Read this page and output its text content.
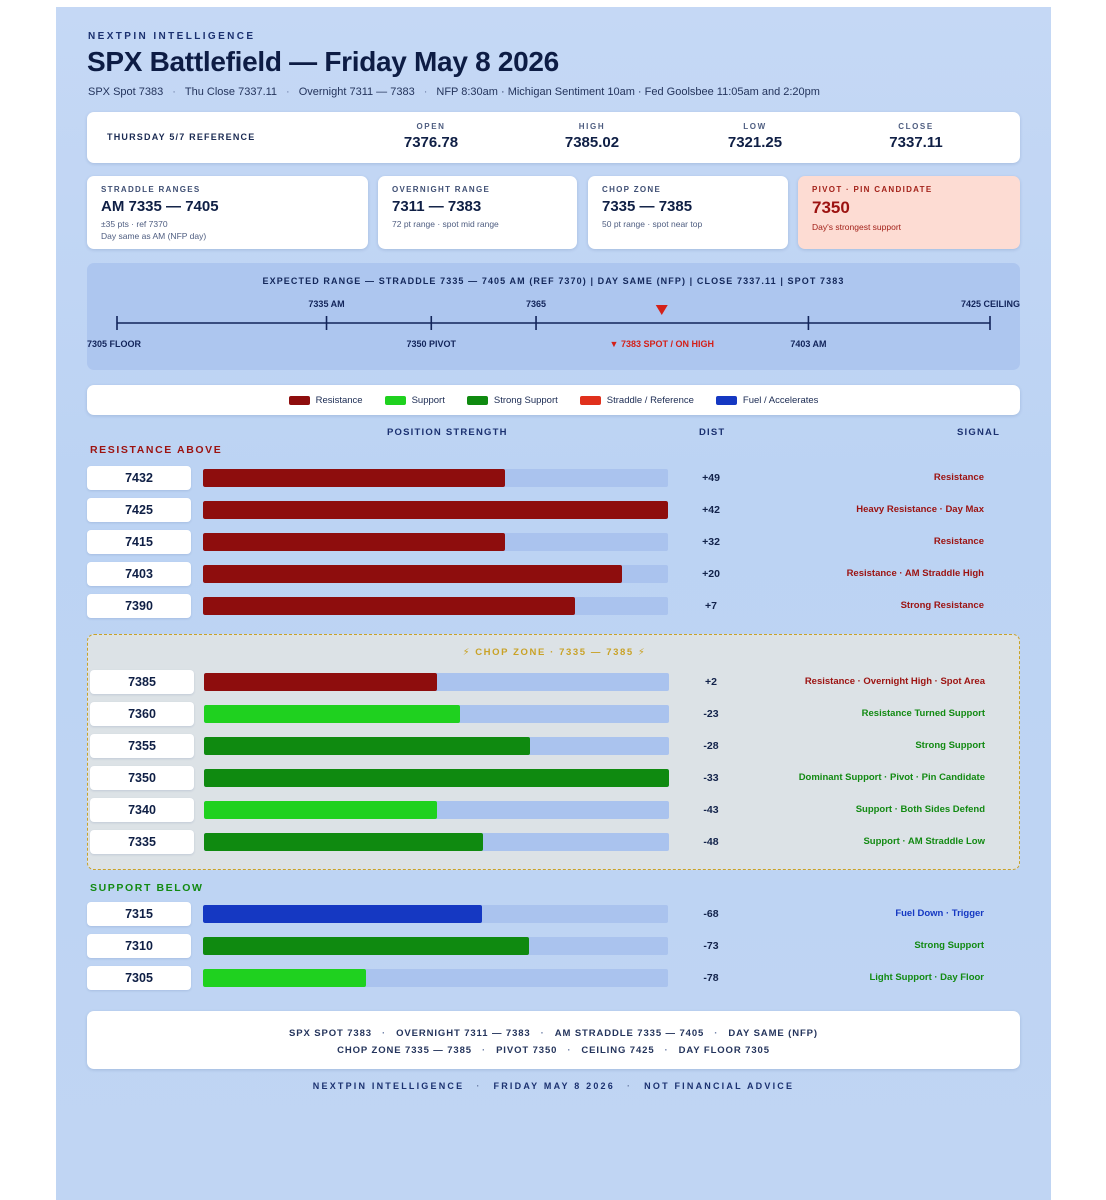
NEXTPIN INTELLIGENCE
SPX Battlefield — Friday May 8 2026
SPX Spot 7383 · Thu Close 7337.11 · Overnight 7311 — 7383 · NFP 8:30am · Michigan Sentiment 10am · Fed Goolsbee 11:05am and 2:20pm
THURSDAY 5/7 REFERENCE
OPEN
7376.78
HIGH
7385.02
LOW
7321.25
CLOSE
7337.11
STRADDLE RANGES
AM 7335 — 7405
±35 pts · ref 7370
Day same as AM (NFP day)
OVERNIGHT RANGE
7311 — 7383
72 pt range · spot mid range
CHOP ZONE
7335 — 7385
50 pt range · spot near top
PIVOT · PIN CANDIDATE
7350
Day's strongest support
EXPECTED RANGE — STRADDLE 7335 — 7405 AM (REF 7370) | DAY SAME (NFP) | CLOSE 7337.11 | SPOT 7383
7305 FLOOR
7335 AM
7350 PIVOT
7365
7403 AM
7425 CEILING
▼ 7383 SPOT / ON HIGH
Resistance	Support	Strong Support	Straddle / Reference	Fuel / Accelerates
POSITION STRENGTH	DIST	SIGNAL
RESISTANCE ABOVE
⚡ CHOP ZONE · 7335 — 7385 ⚡
SUPPORT BELOW
7432	+49	Resistance
7425	+42	Heavy Resistance · Day Max
7415	+32	Resistance
7403	+20	Resistance · AM Straddle High
7390	+7	Strong Resistance
7385	+2	Resistance · Overnight High · Spot Area
7360	-23	Resistance Turned Support
7355	-28	Strong Support
7350	-33	Dominant Support · Pivot · Pin Candidate
7340	-43	Support · Both Sides Defend
7335	-48	Support · AM Straddle Low
7315	-68	Fuel Down · Trigger
7310	-73	Strong Support
7305	-78	Light Support · Day Floor
SPX SPOT 7383 · OVERNIGHT 7311 — 7383 · AM STRADDLE 7335 — 7405 · DAY SAME (NFP)
CHOP ZONE 7335 — 7385 · PIVOT 7350 · CEILING 7425 · DAY FLOOR 7305
NEXTPIN INTELLIGENCE · FRIDAY MAY 8 2026 · NOT FINANCIAL ADVICE
